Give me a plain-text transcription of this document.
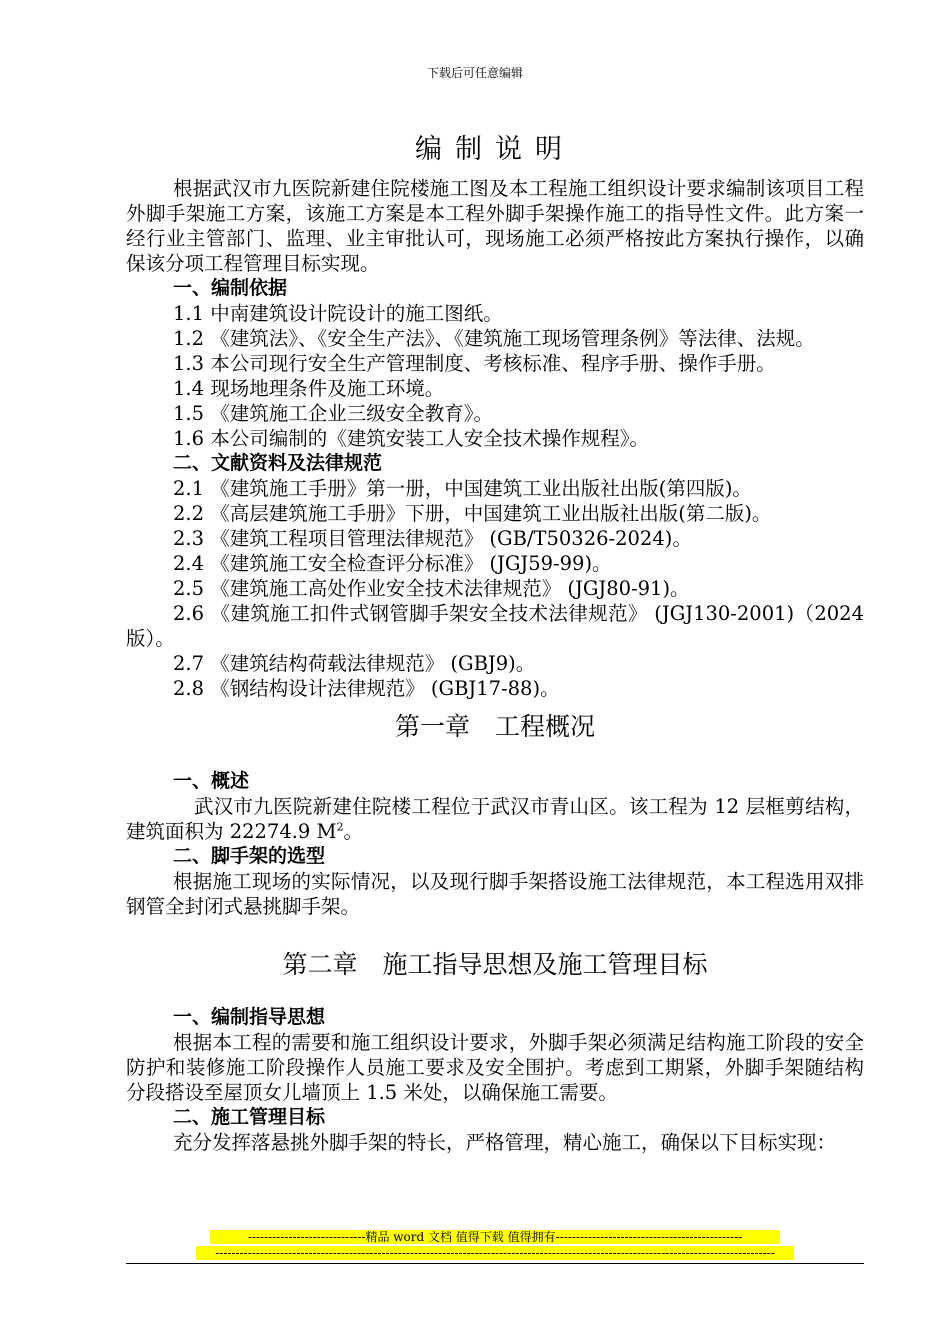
下载后可任意编辑
编制说明

根据武汉市九医院新建住院楼施工图及本工程施工组织设计要求编制该项目工程外脚手架施工方案，该施工方案是本工程外脚手架操作施工的指导性文件。此方案一经行业主管部门、监理、业主审批认可，现场施工必须严格按此方案执行操作，以确保该分项工程管理目标实现。

一、编制依据

1.1 中南建筑设计院设计的施工图纸。

1.2 《建筑法》、《安全生产法》、《建筑施工现场管理条例》等法律、法规。

1.3 本公司现行安全生产管理制度、考核标准、程序手册、操作手册。

1.4 现场地理条件及施工环境。

1.5 《建筑施工企业三级安全教育》。

1.6 本公司编制的《建筑安装工人安全技术操作规程》。

二、文献资料及法律规范

2.1 《建筑施工手册》第一册，中国建筑工业出版社出版(第四版)。

2.2 《高层建筑施工手册》下册，中国建筑工业出版社出版(第二版)。

2.3 《建筑工程项目管理法律规范》 (GB/T50326-2024)。

2.4 《建筑施工安全检查评分标准》 (JGJ59-99)。

2.5 《建筑施工高处作业安全技术法律规范》 (JGJ80-91)。

2.6 《建筑施工扣件式钢管脚手架安全技术法律规范》 (JGJ130-2001)（2024 版）。

2.7 《建筑结构荷载法律规范》 (GBJ9)。

2.8 《钢结构设计法律规范》 (GBJ17-88)。

第一章　工程概况
一、概述

武汉市九医院新建住院楼工程位于武汉市青山区。该工程为 12 层框剪结构，建筑面积为 22274.9 $M^2$。

二、脚手架的选型

根据施工现场的实际情况，以及现行脚手架搭设施工法律规范，本工程选用双排钢管全封闭式悬挑脚手架。

第二章　施工指导思想及施工管理目标
一、编制指导思想

根据本工程的需要和施工组织设计要求，外脚手架必须满足结构施工阶段的安全防护和装修施工阶段操作人员施工要求及安全围护。考虑到工期紧，外脚手架随结构分段搭设至屋顶女儿墙顶上 1.5 米处，以确保施工需要。

二、施工管理目标

充分发挥落悬挑外脚手架的特长，严格管理，精心施工，确保以下目标实现：

-----------------------------精品 word 文档 值得下载 值得拥有----------------------------------------------
------------------------------------------------------------------------------------------------------------------------------------------
